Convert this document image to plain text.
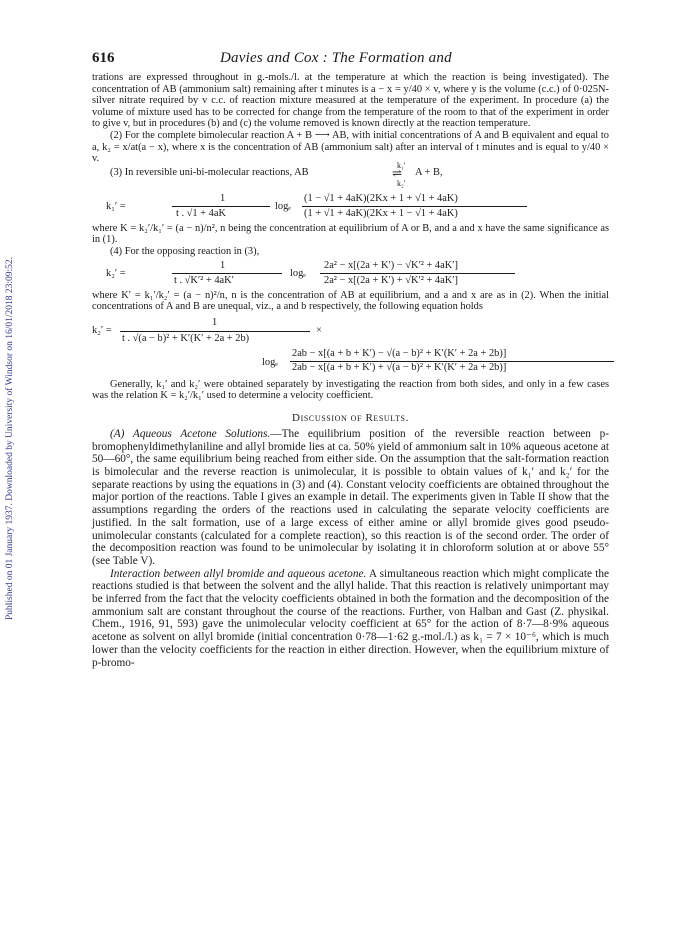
Published on 01 January 1937. Downloaded by University of Windsor on 16/01/2018 23:09:52.
616	Davies and Cox : The Formation and
trations are expressed throughout in g.-mols./l. at the temperature at which the reaction is being investigated). The concentration of AB (ammonium salt) remaining after t minutes is a − x = y/40 × v, where y is the volume (c.c.) of 0·025N-silver nitrate required by v c.c. of reaction mixture measured at the temperature of the experiment. In procedure (a) the volume of mixture used has to be corrected for change from the temperature of the room to that of the experiment in order to give v, but in procedures (b) and (c) the volume removed is known directly at the reaction temperature.
(2) For the complete bimolecular reaction A + B ⟶ AB, with initial concentrations of A and B equivalent and equal to a, k₂ = x/at(a − x), where x is the concentration of AB (ammonium salt) after an interval of t minutes and is equal to y/40 × v.
(3) In reversible uni-bi-molecular reactions, AB
k₁′
⇌
k₂′
A + B,
k₁′ =
1
t . √1 + 4aK
logₑ
(1 − √1 + 4aK)(2Kx + 1 + √1 + 4aK)
(1 + √1 + 4aK)(2Kx + 1 − √1 + 4aK)
where K = k₂′/k₁′ = (a − n)/n², n being the concentration at equilibrium of A or B, and a and x have the same significance as in (1).
(4) For the opposing reaction in (3),
k₂′ =
1
t . √K′² + 4aK′
logₑ
2a² − x[(2a + K′) − √K′² + 4aK′]
2a² − x[(2a + K′) + √K′² + 4aK′]
where K′ = k₁′/k₂′ = (a − n)²/n, n is the concentration of AB at equilibrium, and a and x are as in (2). When the initial concentrations of A and B are unequal, viz., a and b respectively, the following equation holds
k₂′ =
1
t . √(a − b)² + K′(K′ + 2a + 2b)
×
logₑ
2ab − x[(a + b + K′) − √(a − b)² + K′(K′ + 2a + 2b)]
2ab − x[(a + b + K′) + √(a − b)² + K′(K′ + 2a + 2b)]
Generally, k₁′ and k₂′ were obtained separately by investigating the reaction from both sides, and only in a few cases was the relation K = k₂′/k₁′ used to determine a velocity coefficient.
Discussion of Results.

(A) Aqueous Acetone Solutions.—The equilibrium position of the reversible reaction between p-bromophenyldimethylaniline and allyl bromide lies at ca. 50% yield of ammonium salt in 10% aqueous acetone at 50—60°, the same equilibrium being reached from either side. On the assumption that the salt-formation reaction is bimolecular and the reverse reaction is unimolecular, it is possible to obtain values of k₁′ and k₂′ for the separate reactions by using the equations in (3) and (4). Constant velocity coefficients are obtained throughout the major portion of the reactions. Table I gives an example in detail. The experiments given in Table II show that the assumptions regarding the orders of the reactions used in calculating the separate velocity coefficients are justified. In the salt formation, use of a large excess of either amine or allyl bromide gives good pseudo-unimolecular constants (calculated for a complete reaction), so this reaction is of the second order. The order of the decomposition reaction was found to be unimolecular by isolating it in chloroform solution at or above 55° (see Table V).

Interaction between allyl bromide and aqueous acetone. A simultaneous reaction which might complicate the reactions studied is that between the solvent and the allyl halide. That this reaction is relatively unimportant may be inferred from the fact that the velocity coefficients obtained in both the formation and the decomposition of the ammonium salt are constant throughout the course of the reactions. Further, von Halban and Gast (Z. physikal. Chem., 1916, 91, 593) gave the unimolecular velocity coefficient at 65° for the action of 8·7—8·9% aqueous acetone as solvent on allyl bromide (initial concentration 0·78—1·62 g.-mol./l.) as k₁ = 7 × 10⁻⁶, which is much lower than the velocity coefficients for the reaction in either direction. However, when the equilibrium mixture of p-bromo-
